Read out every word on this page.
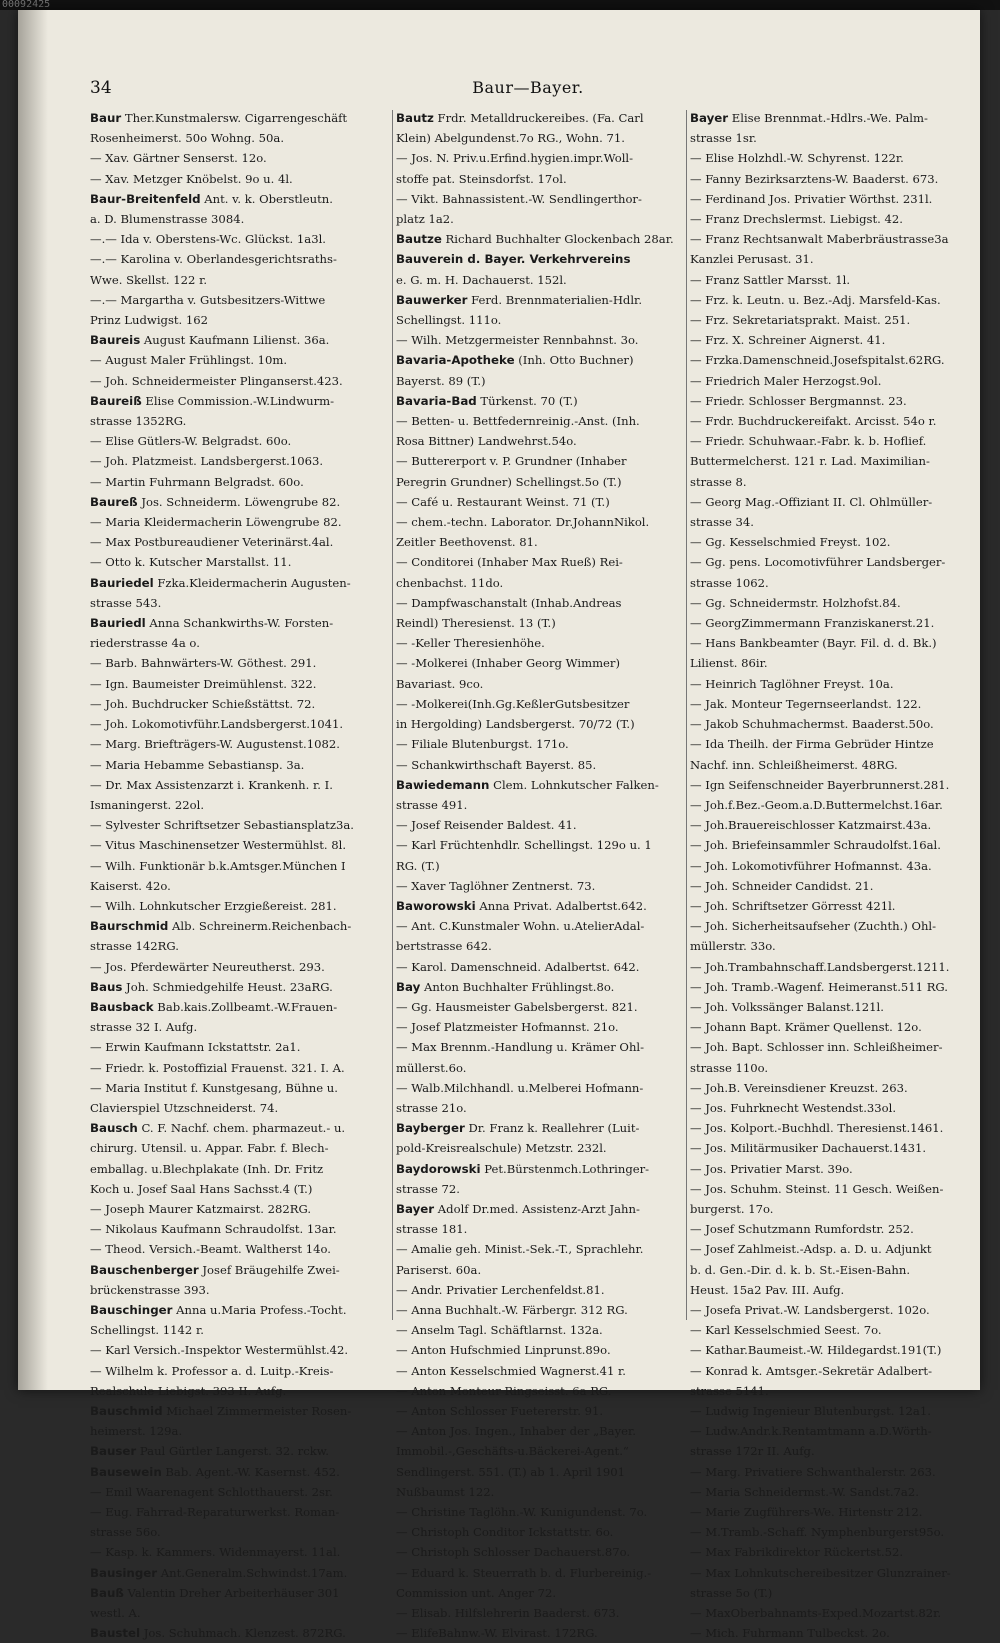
00092425
34	Baur—Bayer.
Baur Ther.Kunstmalersw. Cigarrengeschäft
Rosenheimerst. 50o Wohng. 50a.
— Xav. Gärtner Senserst. 12o.
— Xav. Metzger Knöbelst. 9o u. 4l.
Baur-Breitenfeld Ant. v. k. Oberstleutn.
a. D. Blumenstrasse 3084.
—.— Ida v. Oberstens-Wc. Glückst. 1a3l.
—.— Karolina v. Oberlandesgerichtsraths-
Wwe. Skellst. 122 r.
—.— Margartha v. Gutsbesitzers-Wittwe
Prinz Ludwigst. 162
Baureis August Kaufmann Lilienst. 36a.
— August Maler Frühlingst. 10m.
— Joh. Schneidermeister Plinganserst.423.
Baureiß Elise Commission.-W.Lindwurm-
strasse 1352RG.
— Elise Gütlers-W. Belgradst. 60o.
— Joh. Platzmeist. Landsbergerst.1063.
— Martin Fuhrmann Belgradst. 60o.
Baureß Jos. Schneiderm. Löwengrube 82.
— Maria Kleidermacherin Löwengrube 82.
— Max Postbureaudiener Veterinärst.4al.
— Otto k. Kutscher Marstallst. 11.
Bauriedel Fzka.Kleidermacherin Augusten-
strasse 543.
Bauriedl Anna Schankwirths-W. Forsten-
riederstrasse 4a o.
— Barb. Bahnwärters-W. Göthest. 291.
— Ign. Baumeister Dreimühlenst. 322.
— Joh. Buchdrucker Schießstättst. 72.
— Joh. Lokomotivführ.Landsbergerst.1041.
— Marg. Briefträgers-W. Augustenst.1082.
— Maria Hebamme Sebastiansp. 3a.
— Dr. Max Assistenzarzt i. Krankenh. r. I.
Ismaningerst. 22ol.
— Sylvester Schriftsetzer Sebastiansplatz3a.
— Vitus Maschinensetzer Westermühlst. 8l.
— Wilh. Funktionär b.k.Amtsger.München I
Kaiserst. 42o.
— Wilh. Lohnkutscher Erzgießereist. 281.
Baurschmid Alb. Schreinerm.Reichenbach-
strasse 142RG.
— Jos. Pferdewärter Neureutherst. 293.
Baus Joh. Schmiedgehilfe Heust. 23aRG.
Bausback Bab.kais.Zollbeamt.-W.Frauen-
strasse 32 I. Aufg.
— Erwin Kaufmann Ickstattstr. 2a1.
— Friedr. k. Postoffizial Frauenst. 321. I. A.
— Maria Institut f. Kunstgesang, Bühne u.
Clavierspiel Utzschneiderst. 74.
Bausch C. F. Nachf. chem. pharmazeut.- u.
chirurg. Utensil. u. Appar. Fabr. f. Blech-
emballag. u.Blechplakate (Inh. Dr. Fritz
Koch u. Josef Saal Hans Sachsst.4 (T.)
— Joseph Maurer Katzmairst. 282RG.
— Nikolaus Kaufmann Schraudolfst. 13ar.
— Theod. Versich.-Beamt. Waltherst 14o.
Bauschenberger Josef Bräugehilfe Zwei-
brückenstrasse 393.
Bauschinger Anna u.Maria Profess.-Tocht.
Schellingst. 1142 r.
— Karl Versich.-Inspektor Westermühlst.42.
— Wilhelm k. Professor a. d. Luitp.-Kreis-
Realschule Liebigst. 393 II. Aufg.
Bauschmid Michael Zimmermeister Rosen-
heimerst. 129a.
Bauser Paul Gürtler Langerst. 32. rckw.
Bausewein Bab. Agent.-W. Kasernst. 452.
— Emil Waarenagent Schlotthauerst. 2sr.
— Eug. Fahrrad-Reparaturwerkst. Roman-
strasse 56o.
— Kasp. k. Kammers. Widenmayerst. 11al.
Bausinger Ant.Generalm.Schwindst.17am.
Bauß Valentin Dreher Arbeiterhäuser 301
westl. A.
Baustel Jos. Schuhmach. Klenzest. 872RG.
Bautz Frdr. Metalldruckereibes. (Fa. Carl
Klein) Abelgundenst.7o RG., Wohn. 71.
— Jos. N. Priv.u.Erfind.hygien.impr.Woll-
stoffe pat. Steinsdorfst. 17ol.
— Vikt. Bahnassistent.-W. Sendlingerthor-
platz 1a2.
Bautze Richard Buchhalter Glockenbach 28ar.
Bauverein d. Bayer. Verkehrvereins
e. G. m. H. Dachauerst. 152l.
Bauwerker Ferd. Brennmaterialien-Hdlr.
Schellingst. 111o.
— Wilh. Metzgermeister Rennbahnst. 3o.
Bavaria-Apotheke (Inh. Otto Buchner)
Bayerst. 89 (T.)
Bavaria-Bad Türkenst. 70 (T.)
— Betten- u. Bettfedernreinig.-Anst. (Inh.
Rosa Bittner) Landwehrst.54o.
— Buttererport v. P. Grundner (Inhaber
Peregrin Grundner) Schellingst.5o (T.)
— Café u. Restaurant Weinst. 71 (T.)
— chem.-techn. Laborator. Dr.JohannNikol.
Zeitler Beethovenst. 81.
— Conditorei (Inhaber Max Rueß) Rei-
chenbachst. 11do.
— Dampfwaschanstalt (Inhab.Andreas
Reindl) Theresienst. 13 (T.)
— -Keller Theresienhöhe.
— -Molkerei (Inhaber Georg Wimmer)
Bavariast. 9co.
— -Molkerei(Inh.Gg.KeßlerGutsbesitzer
in Hergolding) Landsbergerst. 70/72 (T.)
— Filiale Blutenburgst. 171o.
— Schankwirthschaft Bayerst. 85.
Bawiedemann Clem. Lohnkutscher Falken-
strasse 491.
— Josef Reisender Baldest. 41.
— Karl Früchtenhdlr. Schellingst. 129o u. 1
RG. (T.)
— Xaver Taglöhner Zentnerst. 73.
Baworowski Anna Privat. Adalbertst.642.
— Ant. C.Kunstmaler Wohn. u.AtelierAdal-
bertstrasse 642.
— Karol. Damenschneid. Adalbertst. 642.
Bay Anton Buchhalter Frühlingst.8o.
— Gg. Hausmeister Gabelsbergerst. 821.
— Josef Platzmeister Hofmannst. 21o.
— Max Brennm.-Handlung u. Krämer Ohl-
müllerst.6o.
— Walb.Milchhandl. u.Melberei Hofmann-
strasse 21o.
Bayberger Dr. Franz k. Reallehrer (Luit-
pold-Kreisrealschule) Metzstr. 232l.
Baydorowski Pet.Bürstenmch.Lothringer-
strasse 72.
Bayer Adolf Dr.med. Assistenz-Arzt Jahn-
strasse 181.
— Amalie geh. Minist.-Sek.-T., Sprachlehr.
Pariserst. 60a.
— Andr. Privatier Lerchenfeldst.81.
— Anna Buchhalt.-W. Färbergr. 312 RG.
— Anselm Tagl. Schäftlarnst. 132a.
— Anton Hufschmied Linprunst.89o.
— Anton Kesselschmied Wagnerst.41 r.
— Anton Monteur Ringseisst. 6a RG.
— Anton Schlosser Fuetererstr. 91.
— Anton Jos. Ingen., Inhaber der „Bayer.
Immobil.-,Geschäfts-u.Bäckerei-Agent.“
Sendlingerst. 551. (T.) ab 1. April 1901
Nußbaumst 122.
— Christine Taglöhn.-W. Kunigundenst. 7o.
— Christoph Conditor Ickstattstr. 6o.
— Christoph Schlosser Dachauerst.87o.
— Eduard k. Steuerrath b. d. Flurbereinig.-
Commission unt. Anger 72.
— Elisab. Hilfslehrerin Baaderst. 673.
— ElifeBahnw.-W. Elvirast. 172RG.
Bayer Elise Brennmat.-Hdlrs.-We. Palm-
strasse 1sr.
— Elise Holzhdl.-W. Schyrenst. 122r.
— Fanny Bezirksarztens-W. Baaderst. 673.
— Ferdinand Jos. Privatier Wörthst. 231l.
— Franz Drechslermst. Liebigst. 42.
— Franz Rechtsanwalt Maberbräustrasse3a
Kanzlei Perusast. 31.
— Franz Sattler Marsst. 1l.
— Frz. k. Leutn. u. Bez.-Adj. Marsfeld-Kas.
— Frz. Sekretariatsprakt. Maist. 251.
— Frz. X. Schreiner Aignerst. 41.
— Frzka.Damenschneid.Josefspitalst.62RG.
— Friedrich Maler Herzogst.9ol.
— Friedr. Schlosser Bergmannst. 23.
— Frdr. Buchdruckereifakt. Arcisst. 54o r.
— Friedr. Schuhwaar.-Fabr. k. b. Hoflief.
Buttermelcherst. 121 r. Lad. Maximilian-
strasse 8.
— Georg Mag.-Offiziant II. Cl. Ohlmüller-
strasse 34.
— Gg. Kesselschmied Freyst. 102.
— Gg. pens. Locomotivführer Landsberger-
strasse 1062.
— Gg. Schneidermstr. Holzhofst.84.
— GeorgZimmermann Franziskanerst.21.
— Hans Bankbeamter (Bayr. Fil. d. d. Bk.)
Lilienst. 86ir.
— Heinrich Taglöhner Freyst. 10a.
— Jak. Monteur Tegernseerlandst. 122.
— Jakob Schuhmachermst. Baaderst.50o.
— Ida Theilh. der Firma Gebrüder Hintze
Nachf. inn. Schleißheimerst. 48RG.
— Ign Seifenschneider Bayerbrunnerst.281.
— Joh.f.Bez.-Geom.a.D.Buttermelchst.16ar.
— Joh.Brauereischlosser Katzmairst.43a.
— Joh. Briefeinsammler Schraudolfst.16al.
— Joh. Lokomotivführer Hofmannst. 43a.
— Joh. Schneider Candidst. 21.
— Joh. Schriftsetzer Görresst 421l.
— Joh. Sicherheitsaufseher (Zuchth.) Ohl-
müllerstr. 33o.
— Joh.Trambahnschaff.Landsbergerst.1211.
— Joh. Tramb.-Wagenf. Heimeranst.511 RG.
— Joh. Volkssänger Balanst.121l.
— Johann Bapt. Krämer Quellenst. 12o.
— Joh. Bapt. Schlosser inn. Schleißheimer-
strasse 110o.
— Joh.B. Vereinsdiener Kreuzst. 263.
— Jos. Fuhrknecht Westendst.33ol.
— Jos. Kolport.-Buchhdl. Theresienst.1461.
— Jos. Militärmusiker Dachauerst.1431.
— Jos. Privatier Marst. 39o.
— Jos. Schuhm. Steinst. 11 Gesch. Weißen-
burgerst. 17o.
— Josef Schutzmann Rumfordstr. 252.
— Josef Zahlmeist.-Adsp. a. D. u. Adjunkt
b. d. Gen.-Dir. d. k. b. St.-Eisen-Bahn.
Heust. 15a2 Pav. III. Aufg.
— Josefa Privat.-W. Landsbergerst. 102o.
— Karl Kesselschmied Seest. 7o.
— Kathar.Baumeist.-W. Hildegardst.191(T.)
— Konrad k. Amtsger.-Sekretär Adalbert-
strasse 5141.
— Ludwig Ingenieur Blutenburgst. 12a1.
— Ludw.Andr.k.Rentamtmann a.D.Wörth-
strasse 172r II. Aufg.
— Marg. Privatiere Schwanthalerstr. 263.
— Maria Schneidermst.-W. Sandst.7a2.
— Marie Zugführers-We. Hirtenstr 212.
— M.Tramb.-Schaff. Nymphenburgerst95o.
— Max Fabrikdirektor Rückertst.52.
— Max Lohnkutschereibesitzer Glunzrainer-
strasse 5o (T.)
— MaxOberbahnamts-Exped.Mozartst.82r.
— Mich. Fuhrmann Tulbeckst. 2o.
